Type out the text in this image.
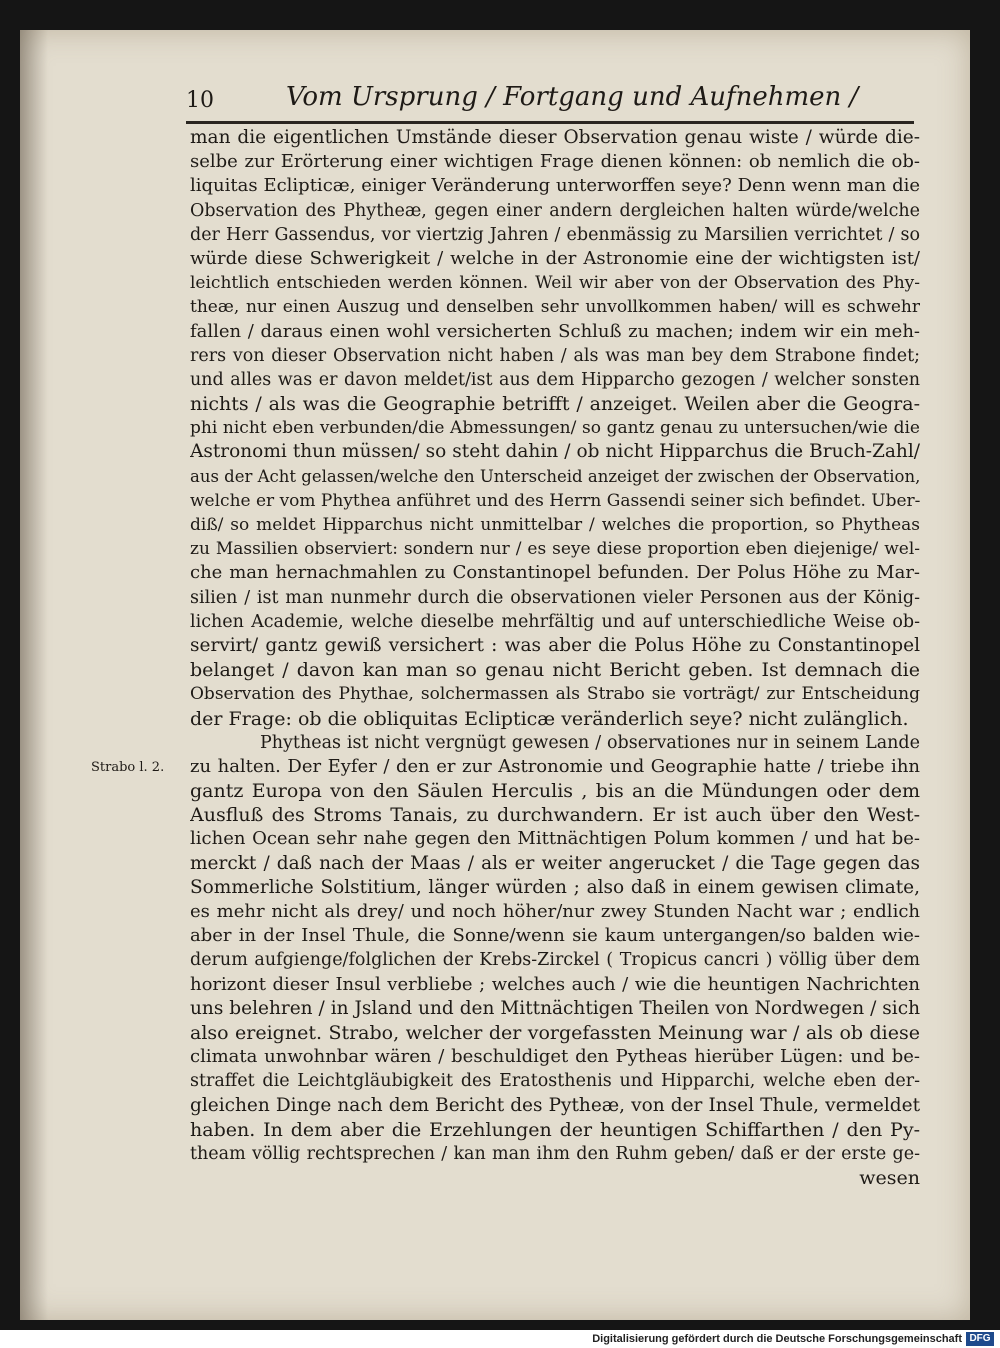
10	Vom Ursprung / Fortgang und Aufnehmen /
Strabo l. 2.
man die eigentlichen Umstände dieser Observation genau wiste / würde die-
selbe zur Erörterung einer wichtigen Frage dienen können: ob nemlich die ob-
liquitas Eclipticæ, einiger Veränderung unterworffen seye? Denn wenn man die
Observation des Phytheæ, gegen einer andern dergleichen halten würde/welche
der Herr Gassendus, vor viertzig Jahren / ebenmässig zu Marsilien verrichtet / so
würde diese Schwerigkeit / welche in der Astronomie eine der wichtigsten ist/
leichtlich entschieden werden können. Weil wir aber von der Observation des Phy-
theæ, nur einen Auszug und denselben sehr unvollkommen haben/ will es schwehr
fallen / daraus einen wohl versicherten Schluß zu machen; indem wir ein meh-
rers von dieser Observation nicht haben / als was man bey dem Strabone findet;
und alles was er davon meldet/ist aus dem Hipparcho gezogen / welcher sonsten
nichts / als was die Geographie betrifft / anzeiget. Weilen aber die Geogra-
phi nicht eben verbunden/die Abmessungen/ so gantz genau zu untersuchen/wie die
Astronomi thun müssen/ so steht dahin / ob nicht Hipparchus die Bruch-Zahl/
aus der Acht gelassen/welche den Unterscheid anzeiget der zwischen der Observation,
welche er vom Phythea anführet und des Herrn Gassendi seiner sich befindet. Uber-
diß/ so meldet Hipparchus nicht unmittelbar / welches die proportion, so Phytheas
zu Massilien observiert: sondern nur / es seye diese proportion eben diejenige/ wel-
che man hernachmahlen zu Constantinopel befunden. Der Polus Höhe zu Mar-
silien / ist man nunmehr durch die observationen vieler Personen aus der König-
lichen Academie, welche dieselbe mehrfältig und auf unterschiedliche Weise ob-
servirt/ gantz gewiß versichert : was aber die Polus Höhe zu Constantinopel
belanget / davon kan man so genau nicht Bericht geben. Ist demnach die
Observation des Phythae, solchermassen als Strabo sie vorträgt/ zur Entscheidung
der Frage: ob die obliquitas Eclipticæ veränderlich seye? nicht zulänglich.
Phytheas ist nicht vergnügt gewesen / observationes nur in seinem Lande
zu halten. Der Eyfer / den er zur Astronomie und Geographie hatte / triebe ihn
gantz Europa von den Säulen Herculis , bis an die Mündungen oder dem
Ausfluß des Stroms Tanais, zu durchwandern. Er ist auch über den West-
lichen Ocean sehr nahe gegen den Mittnächtigen Polum kommen / und hat be-
merckt / daß nach der Maas / als er weiter angerucket / die Tage gegen das
Sommerliche Solstitium, länger würden ; also daß in einem gewisen climate,
es mehr nicht als drey/ und noch höher/nur zwey Stunden Nacht war ; endlich
aber in der Insel Thule, die Sonne/wenn sie kaum untergangen/so balden wie-
derum aufgienge/folglichen der Krebs-Zirckel ( Tropicus cancri ) völlig über dem
horizont dieser Insul verbliebe ; welches auch / wie die heuntigen Nachrichten
uns belehren / in Jsland und den Mittnächtigen Theilen von Nordwegen / sich
also ereignet. Strabo, welcher der vorgefassten Meinung war / als ob diese
climata unwohnbar wären / beschuldiget den Pytheas hierüber Lügen: und be-
straffet die Leichtgläubigkeit des Eratosthenis und Hipparchi, welche eben der-
gleichen Dinge nach dem Bericht des Pytheæ, von der Insel Thule, vermeldet
haben. In dem aber die Erzehlungen der heuntigen Schiffarthen / den Py-
theam völlig rechtsprechen / kan man ihm den Ruhm geben/ daß er der erste ge-
wesen
Digitalisierung gefördert durch die Deutsche Forschungsgemeinschaft DFG
